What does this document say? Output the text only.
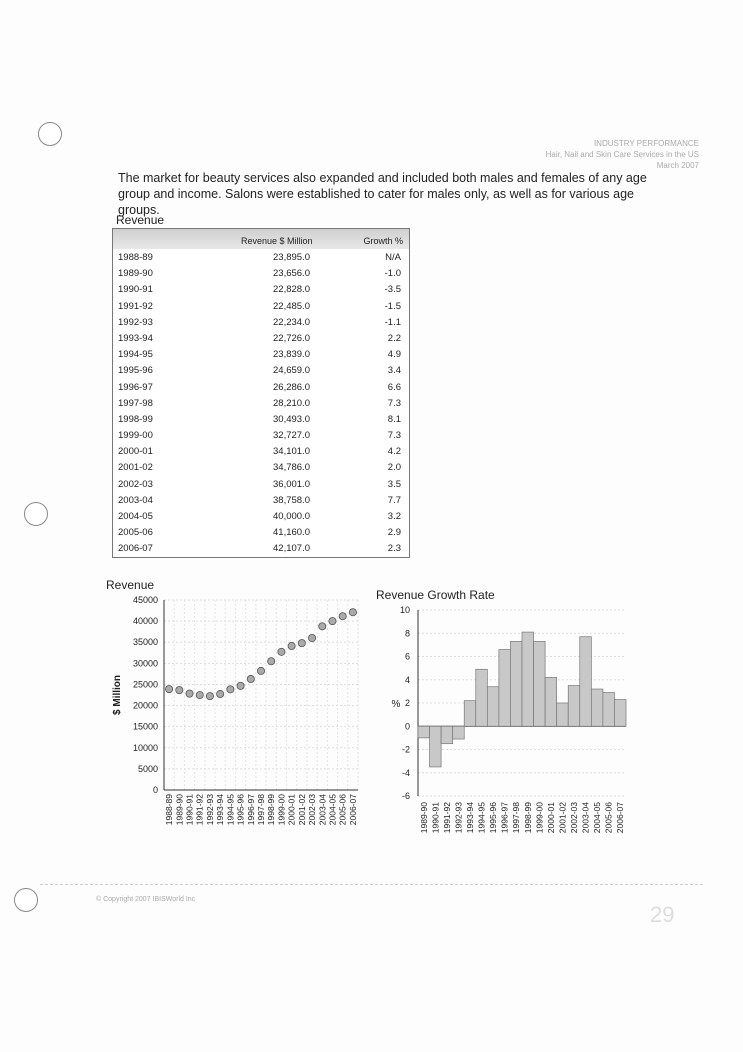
INDUSTRY PERFORMANCE
Hair, Nail and Skin Care Services in the US
March 2007
The market for beauty services also expanded and included both males and females of any age group and income. Salons were established to cater for males only, as well as for various age groups.
Revenue
Revenue $ Million	Growth %
1988-89	23,895.0	N/A
1989-90	23,656.0	-1.0
1990-91	22,828.0	-3.5
1991-92	22,485.0	-1.5
1992-93	22,234.0	-1.1
1993-94	22,726.0	2.2
1994-95	23,839.0	4.9
1995-96	24,659.0	3.4
1996-97	26,286.0	6.6
1997-98	28,210.0	7.3
1998-99	30,493.0	8.1
1999-00	32,727.0	7.3
2000-01	34,101.0	4.2
2001-02	34,786.0	2.0
2002-03	36,001.0	3.5
2003-04	38,758.0	7.7
2004-05	40,000.0	3.2
2005-06	41,160.0	2.9
2006-07	42,107.0	2.3
Revenue
0
5000
10000
15000
20000
25000
30000
35000
40000
45000
$ Million
1988-89 1989-90 1990-91 1991-92 1992-93 1993-94 1994-95 1995-96 1996-97 1997-98 1998-99 1999-00 2000-01 2001-02 2002-03 2003-04 2004-05 2005-06 2006-07
Revenue Growth Rate
-6
-4
-2
0
2
4
6
8
10
%
1989-90 1990-91 1991-92 1992-93 1993-94 1994-95 1995-96 1996-97 1997-98 1998-99 1999-00 2000-01 2001-02 2002-03 2003-04 2004-05 2005-06 2006-07
© Copyright 2007 IBISWorld Inc
29
